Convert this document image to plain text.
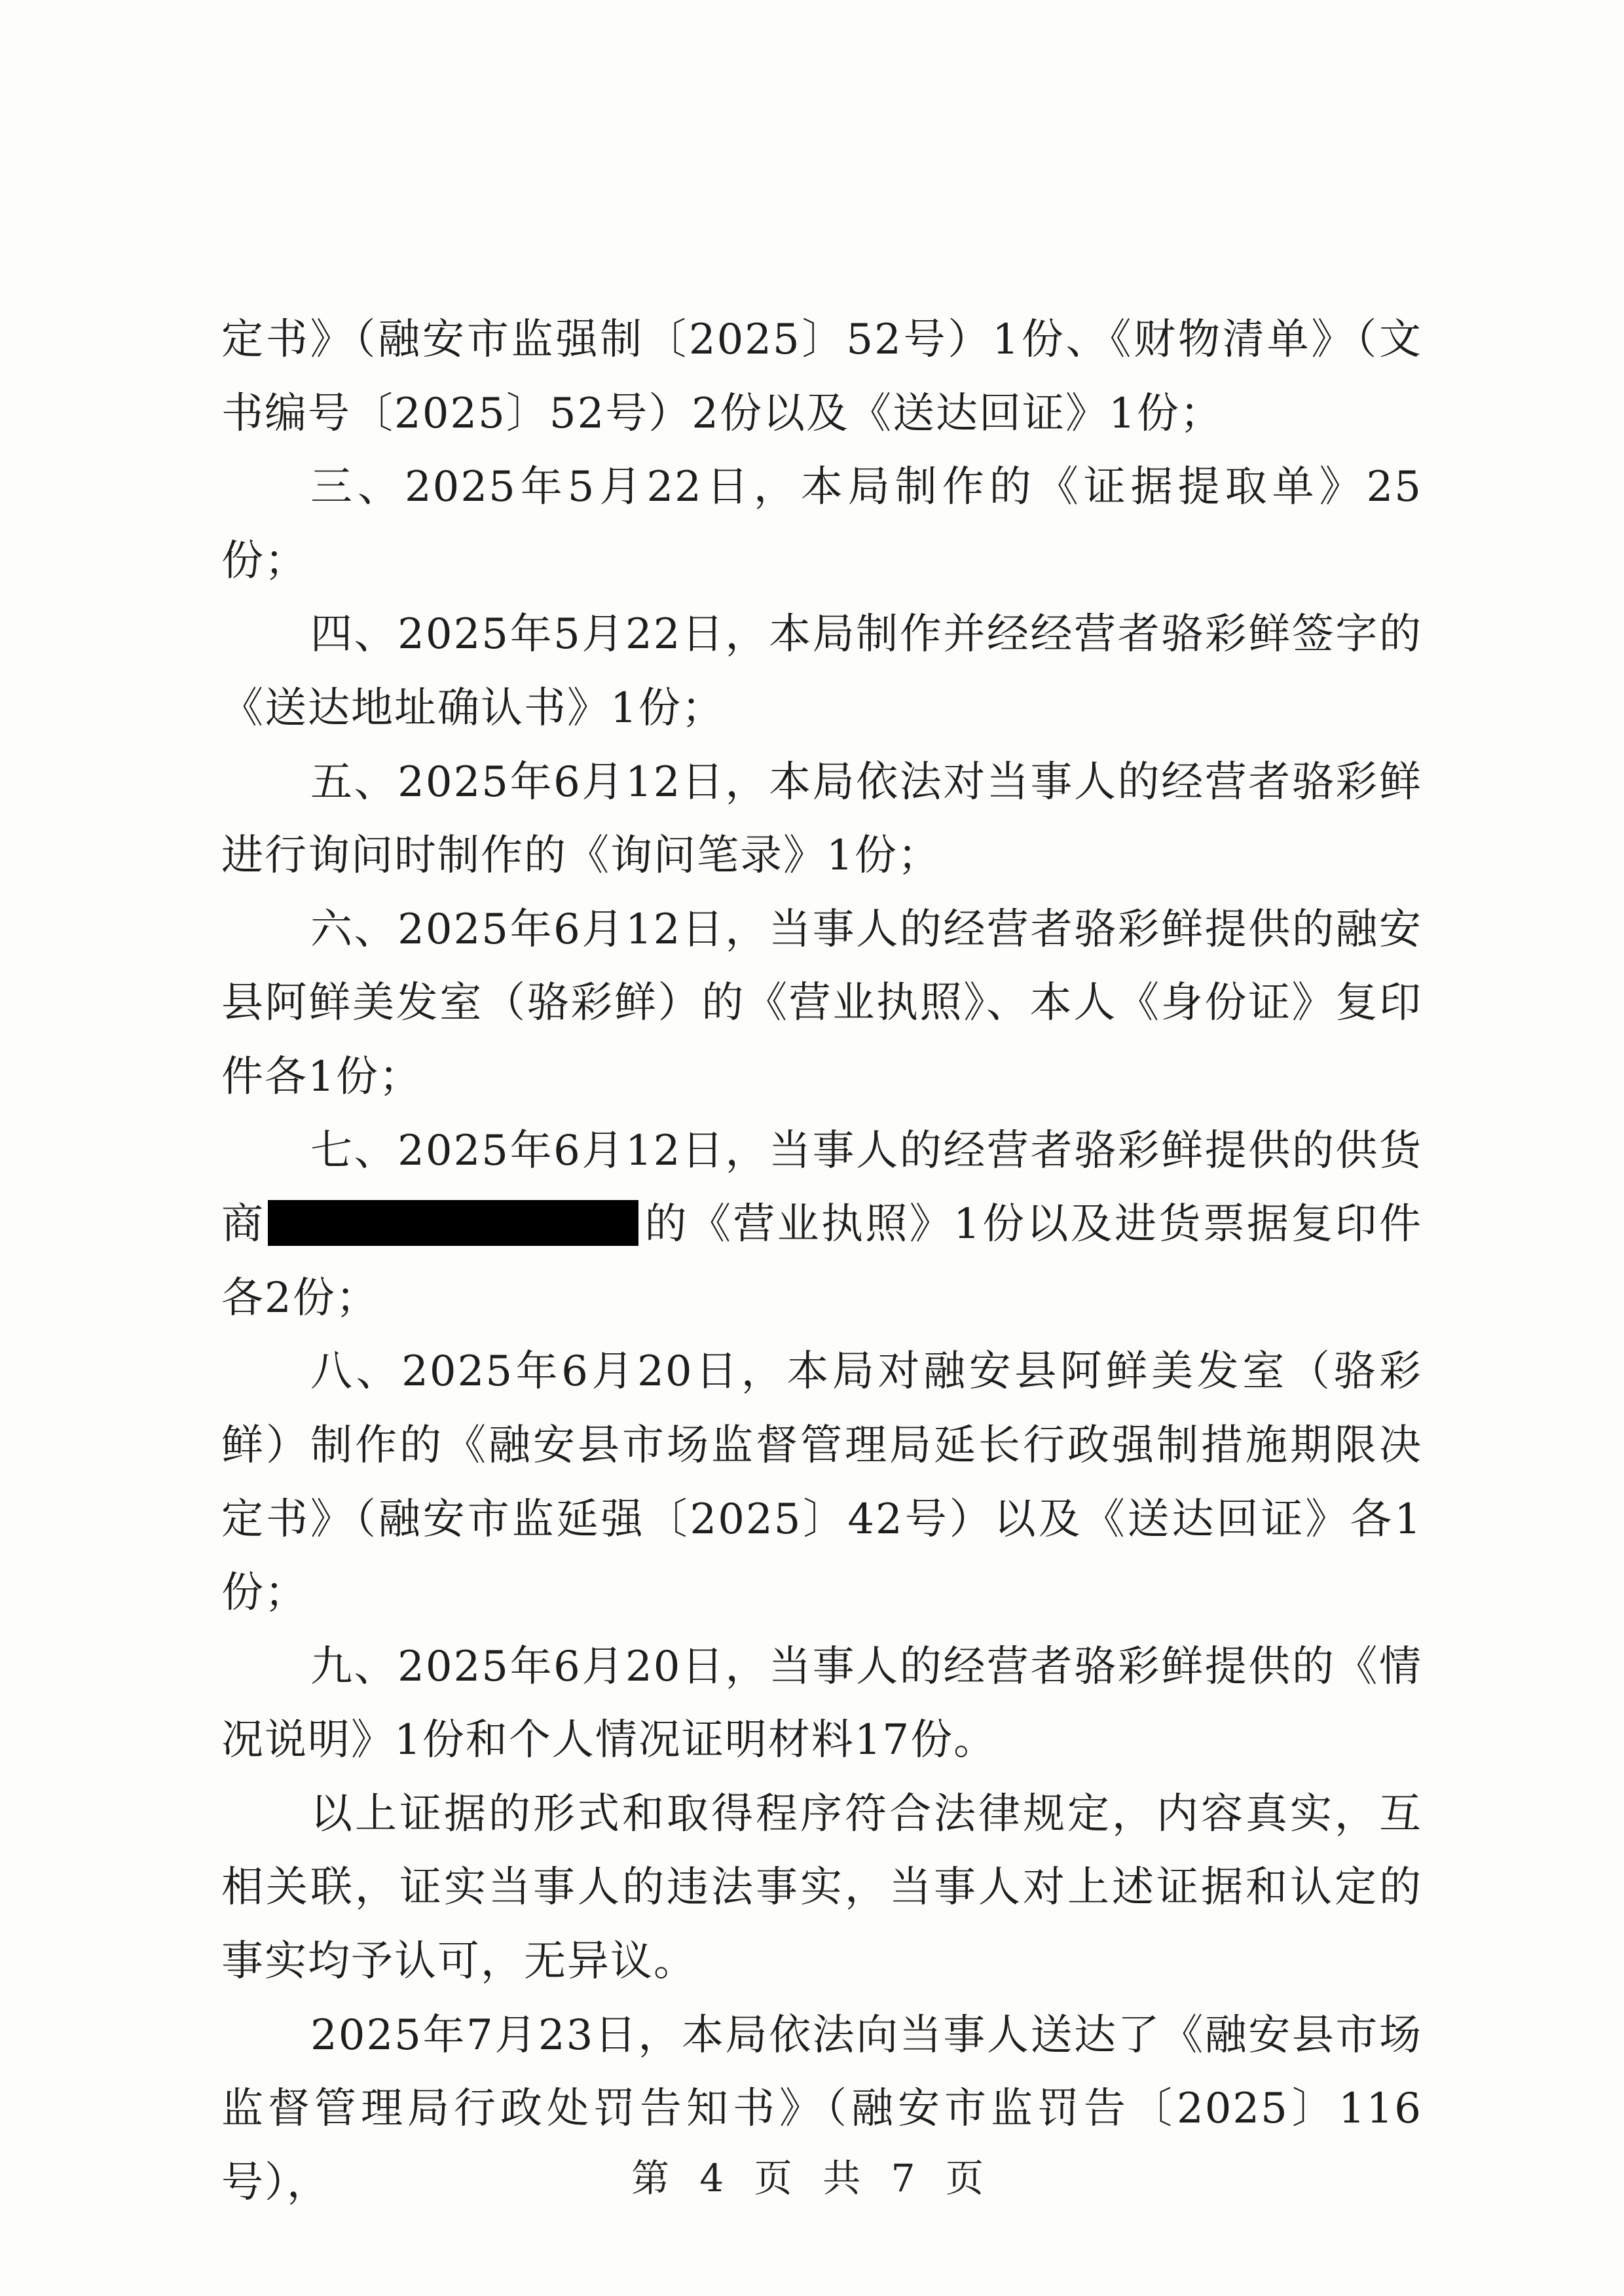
定书》（融安市监强制〔2025〕52号）1份、《财物清单》（文书编号〔2025〕52号）2份以及《送达回证》1份；

三、2025年5月22日，本局制作的《证据提取单》25份；

四、2025年5月22日，本局制作并经经营者骆彩鲜签字的《送达地址确认书》1份；

五、2025年6月12日，本局依法对当事人的经营者骆彩鲜进行询问时制作的《询问笔录》1份；

六、2025年6月12日，当事人的经营者骆彩鲜提供的融安县阿鲜美发室（骆彩鲜）的《营业执照》、本人《身份证》复印件各1份；

七、2025年6月12日，当事人的经营者骆彩鲜提供的供货商	的《营业执照》1份以及进货票据复印件各2份；

八、2025年6月20日，本局对融安县阿鲜美发室（骆彩鲜）制作的《融安县市场监督管理局延长行政强制措施期限决定书》（融安市监延强〔2025〕42号）以及《送达回证》各1份；

九、2025年6月20日，当事人的经营者骆彩鲜提供的《情况说明》1份和个人情况证明材料17份。

以上证据的形式和取得程序符合法律规定，内容真实，互相关联，证实当事人的违法事实，当事人对上述证据和认定的事实均予认可，无异议。

2025年7月23日，本局依法向当事人送达了《融安县市场监督管理局行政处罚告知书》（融安市监罚告〔2025〕116号），	第 4 页 共 7 页
